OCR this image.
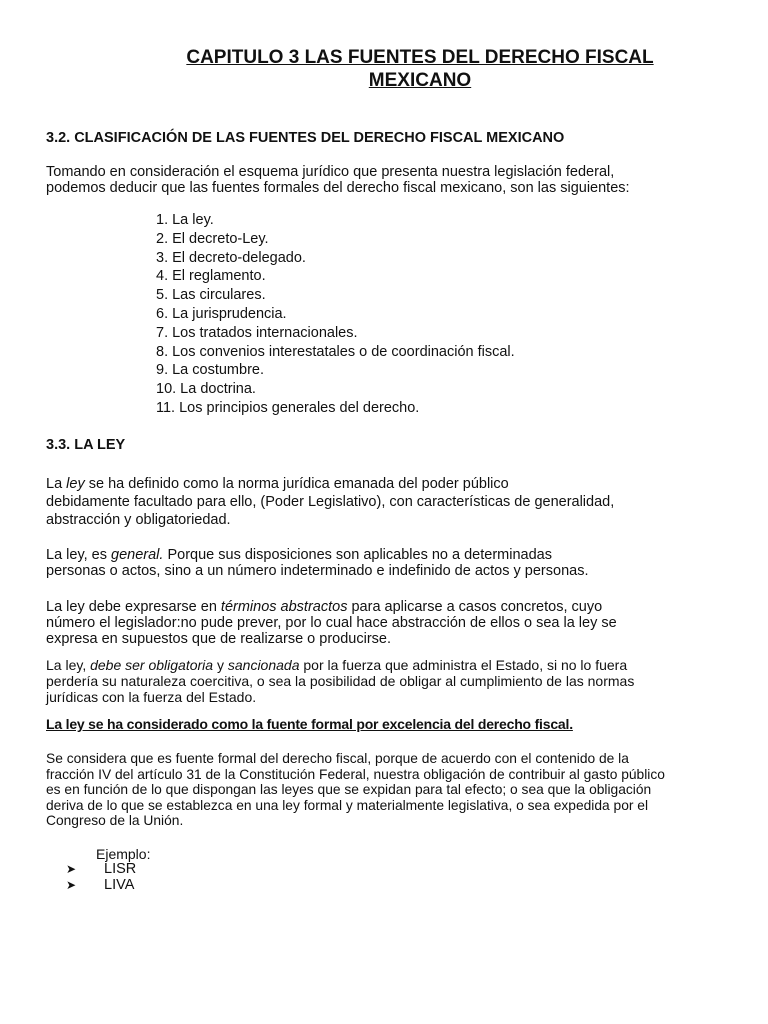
CAPITULO 3 LAS FUENTES DEL DERECHO FISCAL
MEXICANO
3.2. CLASIFICACIÓN DE LAS FUENTES DEL DERECHO FISCAL MEXICANO
Tomando en consideración el esquema jurídico que presenta nuestra legislación federal,
podemos deducir que las fuentes formales del derecho fiscal mexicano, son las siguientes:
1. La ley.
2. El decreto-Ley.
3. El decreto-delegado.
4. El reglamento.
5. Las circulares.
6. La jurisprudencia.
7. Los tratados internacionales.
8. Los convenios interestatales o de coordinación fiscal.
9. La costumbre.
10. La doctrina.
11. Los principios generales del derecho.
3.3. LA LEY
La ley se ha definido como la norma jurídica emanada del poder público
debidamente facultado para ello, (Poder Legislativo), con características de generalidad,
abstracción y obligatoriedad.
La ley, es general. Porque sus disposiciones son aplicables no a determinadas
personas o actos, sino a un número indeterminado e indefinido de actos y personas.
La ley debe expresarse en términos abstractos para aplicarse a casos concretos, cuyo
número el legislador:no pude prever, por lo cual hace abstracción de ellos o sea la ley se
expresa en supuestos que de realizarse o producirse.
La ley, debe ser obligatoria y sancionada por la fuerza que administra el Estado, si no lo fuera
perdería su naturaleza coercitiva, o sea la posibilidad de obligar al cumplimiento de las normas
jurídicas con la fuerza del Estado.
La ley se ha considerado como la fuente formal por excelencia del derecho fiscal.
Se considera que es fuente formal del derecho fiscal, porque de acuerdo con el contenido de la
fracción IV del artículo 31 de la Constitución Federal, nuestra obligación de contribuir al gasto público
es en función de lo que dispongan las leyes que se expidan para tal efecto; o sea que la obligación
deriva de lo que se establezca en una ley formal y materialmente legislativa, o sea expedida por el
Congreso de la Unión.
Ejemplo:
➤	LISR
➤	LIVA
